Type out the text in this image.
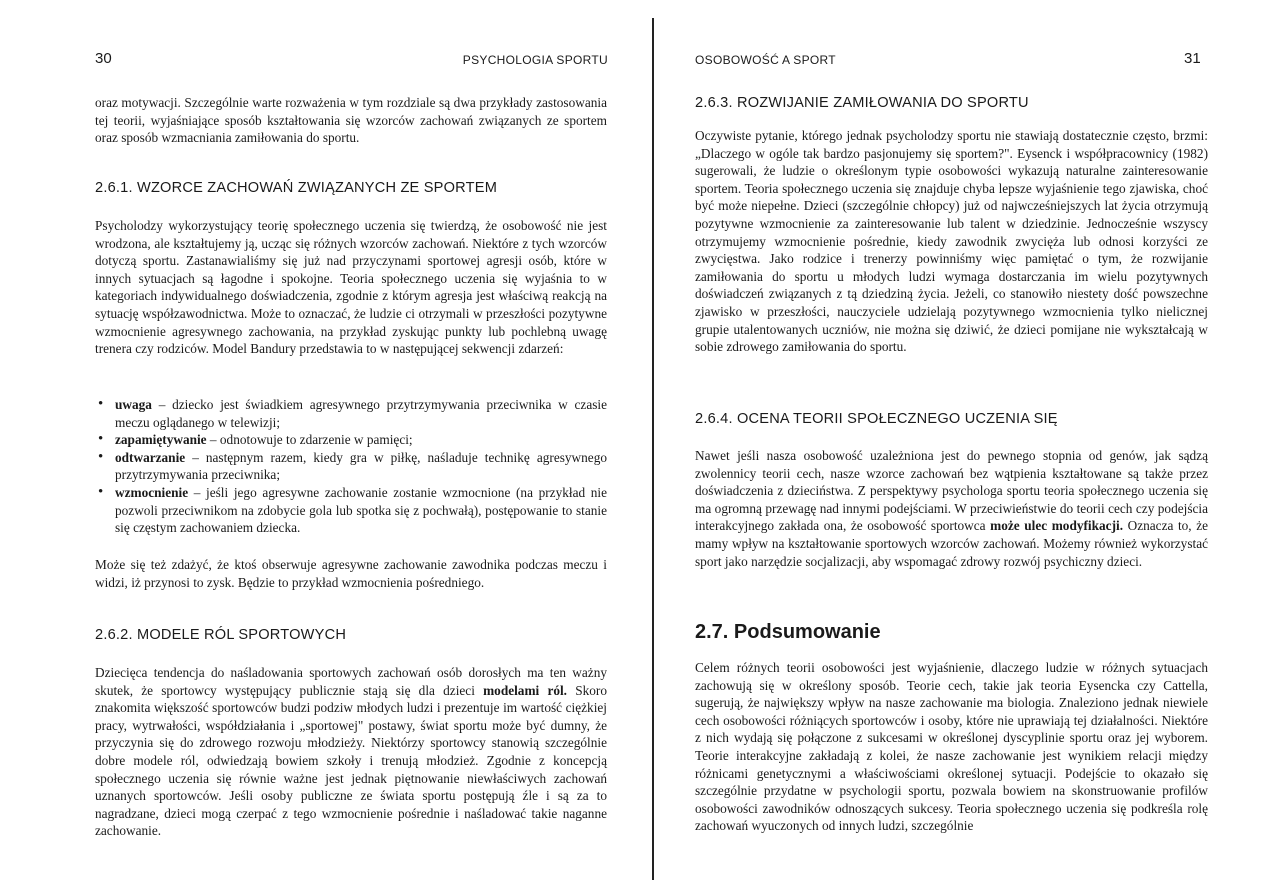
30	PSYCHOLOGIA SPORTU

oraz motywacji. Szczególnie warte rozważenia w tym rozdziale są dwa przykłady zastosowania tej teorii, wyjaśniające sposób kształtowania się wzorców zachowań związanych ze sportem oraz sposób wzmacniania zamiłowania do sportu.

2.6.1. WZORCE ZACHOWAŃ ZWIĄZANYCH ZE SPORTEM

Psycholodzy wykorzystujący teorię społecznego uczenia się twierdzą, że osobowość nie jest wrodzona, ale kształtujemy ją, ucząc się różnych wzorców zachowań. Niektóre z tych wzorców dotyczą sportu. Zastanawialiśmy się już nad przyczynami sportowej agresji osób, które w innych sytuacjach są łagodne i spokojne. Teoria społecznego uczenia się wyjaśnia to w kategoriach indywidualnego doświadczenia, zgodnie z którym agresja jest właściwą reakcją na sytuację współzawodnictwa. Może to oznaczać, że ludzie ci otrzymali w przeszłości pozytywne wzmocnienie agresywnego zachowania, na przykład zyskując punkty lub pochlebną uwagę trenera czy rodziców. Model Bandury przedstawia to w następującej sekwencji zdarzeń:

• uwaga – dziecko jest świadkiem agresywnego przytrzymywania przeciwnika w czasie meczu oglądanego w telewizji;
• zapamiętywanie – odnotowuje to zdarzenie w pamięci;
• odtwarzanie – następnym razem, kiedy gra w piłkę, naśladuje technikę agresywnego przytrzymywania przeciwnika;
• wzmocnienie – jeśli jego agresywne zachowanie zostanie wzmocnione (na przykład nie pozwoli przeciwnikom na zdobycie gola lub spotka się z pochwałą), postępowanie to stanie się częstym zachowaniem dziecka.

Może się też zdażyć, że ktoś obserwuje agresywne zachowanie zawodnika podczas meczu i widzi, iż przynosi to zysk. Będzie to przykład wzmocnienia pośredniego.

2.6.2. MODELE RÓL SPORTOWYCH

Dziecięca tendencja do naśladowania sportowych zachowań osób dorosłych ma ten ważny skutek, że sportowcy występujący publicznie stają się dla dzieci modelami ról. Skoro znakomita większość sportowców budzi podziw młodych ludzi i prezentuje im wartość ciężkiej pracy, wytrwałości, współdziałania i „sportowej" postawy, świat sportu może być dumny, że przyczynia się do zdrowego rozwoju młodzieży. Niektórzy sportowcy stanowią szczególnie dobre modele ról, odwiedzają bowiem szkoły i trenują młodzież. Zgodnie z koncepcją społecznego uczenia się równie ważne jest jednak piętnowanie niewłaściwych zachowań uznanych sportowców. Jeśli osoby publiczne ze świata sportu postępują źle i są za to nagradzane, dzieci mogą czerpać z tego wzmocnienie pośrednie i naśladować takie naganne zachowanie.

OSOBOWOŚĆ A SPORT	31
2.6.3. ROZWIJANIE ZAMIŁOWANIA DO SPORTU

Oczywiste pytanie, którego jednak psycholodzy sportu nie stawiają dostatecznie często, brzmi: „Dlaczego w ogóle tak bardzo pasjonujemy się sportem?". Eysenck i współpracownicy (1982) sugerowali, że ludzie o określonym typie osobowości wykazują naturalne zainteresowanie sportem. Teoria społecznego uczenia się znajduje chyba lepsze wyjaśnienie tego zjawiska, choć być może niepełne. Dzieci (szczególnie chłopcy) już od najwcześniejszych lat życia otrzymują pozytywne wzmocnienie za zainteresowanie lub talent w dziedzinie. Jednocześnie wszyscy otrzymujemy wzmocnienie pośrednie, kiedy zawodnik zwycięża lub odnosi korzyści ze zwycięstwa. Jako rodzice i trenerzy powinniśmy więc pamiętać o tym, że rozwijanie zamiłowania do sportu u młodych ludzi wymaga dostarczania im wielu pozytywnych doświadczeń związanych z tą dziedziną życia. Jeżeli, co stanowiło niestety dość powszechne zjawisko w przeszłości, nauczyciele udzielają pozytywnego wzmocnienia tylko nielicznej grupie utalentowanych uczniów, nie można się dziwić, że dzieci pomijane nie wykształcają w sobie zdrowego zamiłowania do sportu.

2.6.4. OCENA TEORII SPOŁECZNEGO UCZENIA SIĘ

Nawet jeśli nasza osobowość uzależniona jest do pewnego stopnia od genów, jak sądzą zwolennicy teorii cech, nasze wzorce zachowań bez wątpienia kształtowane są także przez doświadczenia z dzieciństwa. Z perspektywy psychologa sportu teoria społecznego uczenia się ma ogromną przewagę nad innymi podejściami. W przeciwieństwie do teorii cech czy podejścia interakcyjnego zakłada ona, że osobowość sportowca może ulec modyfikacji. Oznacza to, że mamy wpływ na kształtowanie sportowych wzorców zachowań. Możemy również wykorzystać sport jako narzędzie socjalizacji, aby wspomagać zdrowy rozwój psychiczny dzieci.

2.7. Podsumowanie

Celem różnych teorii osobowości jest wyjaśnienie, dlaczego ludzie w różnych sytuacjach zachowują się w określony sposób. Teorie cech, takie jak teoria Eysencka czy Cattella, sugerują, że największy wpływ na nasze zachowanie ma biologia. Znaleziono jednak niewiele cech osobowości różniących sportowców i osoby, które nie uprawiają tej działalności. Niektóre z nich wydają się połączone z sukcesami w określonej dyscyplinie sportu oraz jej wyborem. Teorie interakcyjne zakładają z kolei, że nasze zachowanie jest wynikiem relacji między różnicami genetycznymi a właściwościami określonej sytuacji. Podejście to okazało się szczególnie przydatne w psychologii sportu, pozwala bowiem na skonstruowanie profilów osobowości zawodników odnoszących sukcesy. Teoria społecznego uczenia się podkreśla rolę zachowań wyuczonych od innych ludzi, szczególnie
